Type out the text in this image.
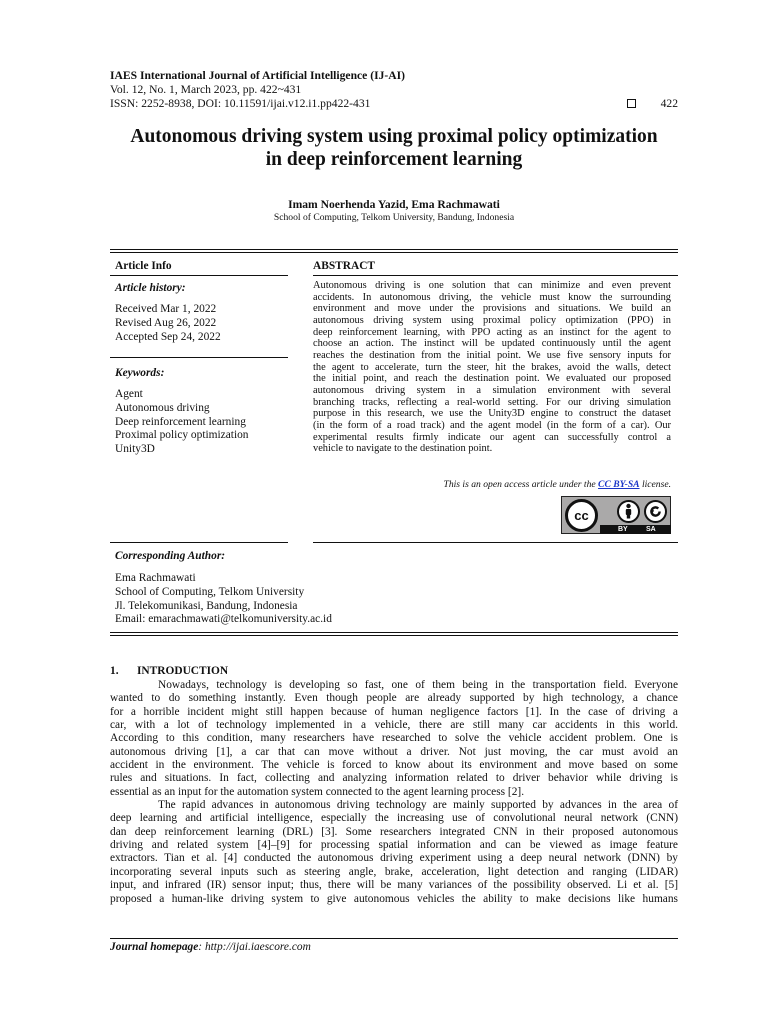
IAES International Journal of Artificial Intelligence (IJ-AI)
Vol. 12, No. 1, March 2023, pp. 422~431
ISSN: 2252-8938, DOI: 10.11591/ijai.v12.i1.pp422-431	422
Autonomous driving system using proximal policy optimization
in deep reinforcement learning
Imam Noerhenda Yazid, Ema Rachmawati
School of Computing, Telkom University, Bandung, Indonesia
Article Info
Article history:
Received Mar 1, 2022
Revised Aug 26, 2022
Accepted Sep 24, 2022
Keywords:
Agent
Autonomous driving
Deep reinforcement learning
Proximal policy optimization
Unity3D
ABSTRACT
Autonomous driving is one solution that can minimize and even prevent
accidents. In autonomous driving, the vehicle must know the surrounding
environment and move under the provisions and situations. We build an
autonomous driving system using proximal policy optimization (PPO) in
deep reinforcement learning, with PPO acting as an instinct for the agent to
choose an action. The instinct will be updated continuously until the agent
reaches the destination from the initial point. We use five sensory inputs for
the agent to accelerate, turn the steer, hit the brakes, avoid the walls, detect
the initial point, and reach the destination point. We evaluated our proposed
autonomous driving system in a simulation environment with several
branching tracks, reflecting a real-world setting. For our driving simulation
purpose in this research, we use the Unity3D engine to construct the dataset
(in the form of a road track) and the agent model (in the form of a car). Our
experimental results firmly indicate our agent can successfully control a
vehicle to navigate to the destination point.
This is an open access article under the CC BY-SA license.
cc
BY	SA
Corresponding Author:
Ema Rachmawati
School of Computing, Telkom University
Jl. Telekomunikasi, Bandung, Indonesia
Email: emarachmawati@telkomuniversity.ac.id
1. INTRODUCTION

Nowadays, technology is developing so fast, one of them being in the transportation field. Everyone

wanted to do something instantly. Even though people are already supported by high technology, a chance

for a horrible incident might still happen because of human negligence factors [1]. In the case of driving a

car, with a lot of technology implemented in a vehicle, there are still many car accidents in this world.

According to this condition, many researchers have researched to solve the vehicle accident problem. One is

autonomous driving [1], a car that can move without a driver. Not just moving, the car must avoid an

accident in the environment. The vehicle is forced to know about its environment and move based on some

rules and situations. In fact, collecting and analyzing information related to driver behavior while driving is

essential as an input for the automation system connected to the agent learning process [2].

The rapid advances in autonomous driving technology are mainly supported by advances in the area of

deep learning and artificial intelligence, especially the increasing use of convolutional neural network (CNN)

dan deep reinforcement learning (DRL) [3]. Some researchers integrated CNN in their proposed autonomous

driving and related system [4]–[9] for processing spatial information and can be viewed as image feature

extractors. Tian et al. [4] conducted the autonomous driving experiment using a deep neural network (DNN) by

incorporating several inputs such as steering angle, brake, acceleration, light detection and ranging (LIDAR)

input, and infrared (IR) sensor input; thus, there will be many variances of the possibility observed. Li et al. [5]

proposed a human-like driving system to give autonomous vehicles the ability to make decisions like humans

Journal homepage: http://ijai.iaescore.com
